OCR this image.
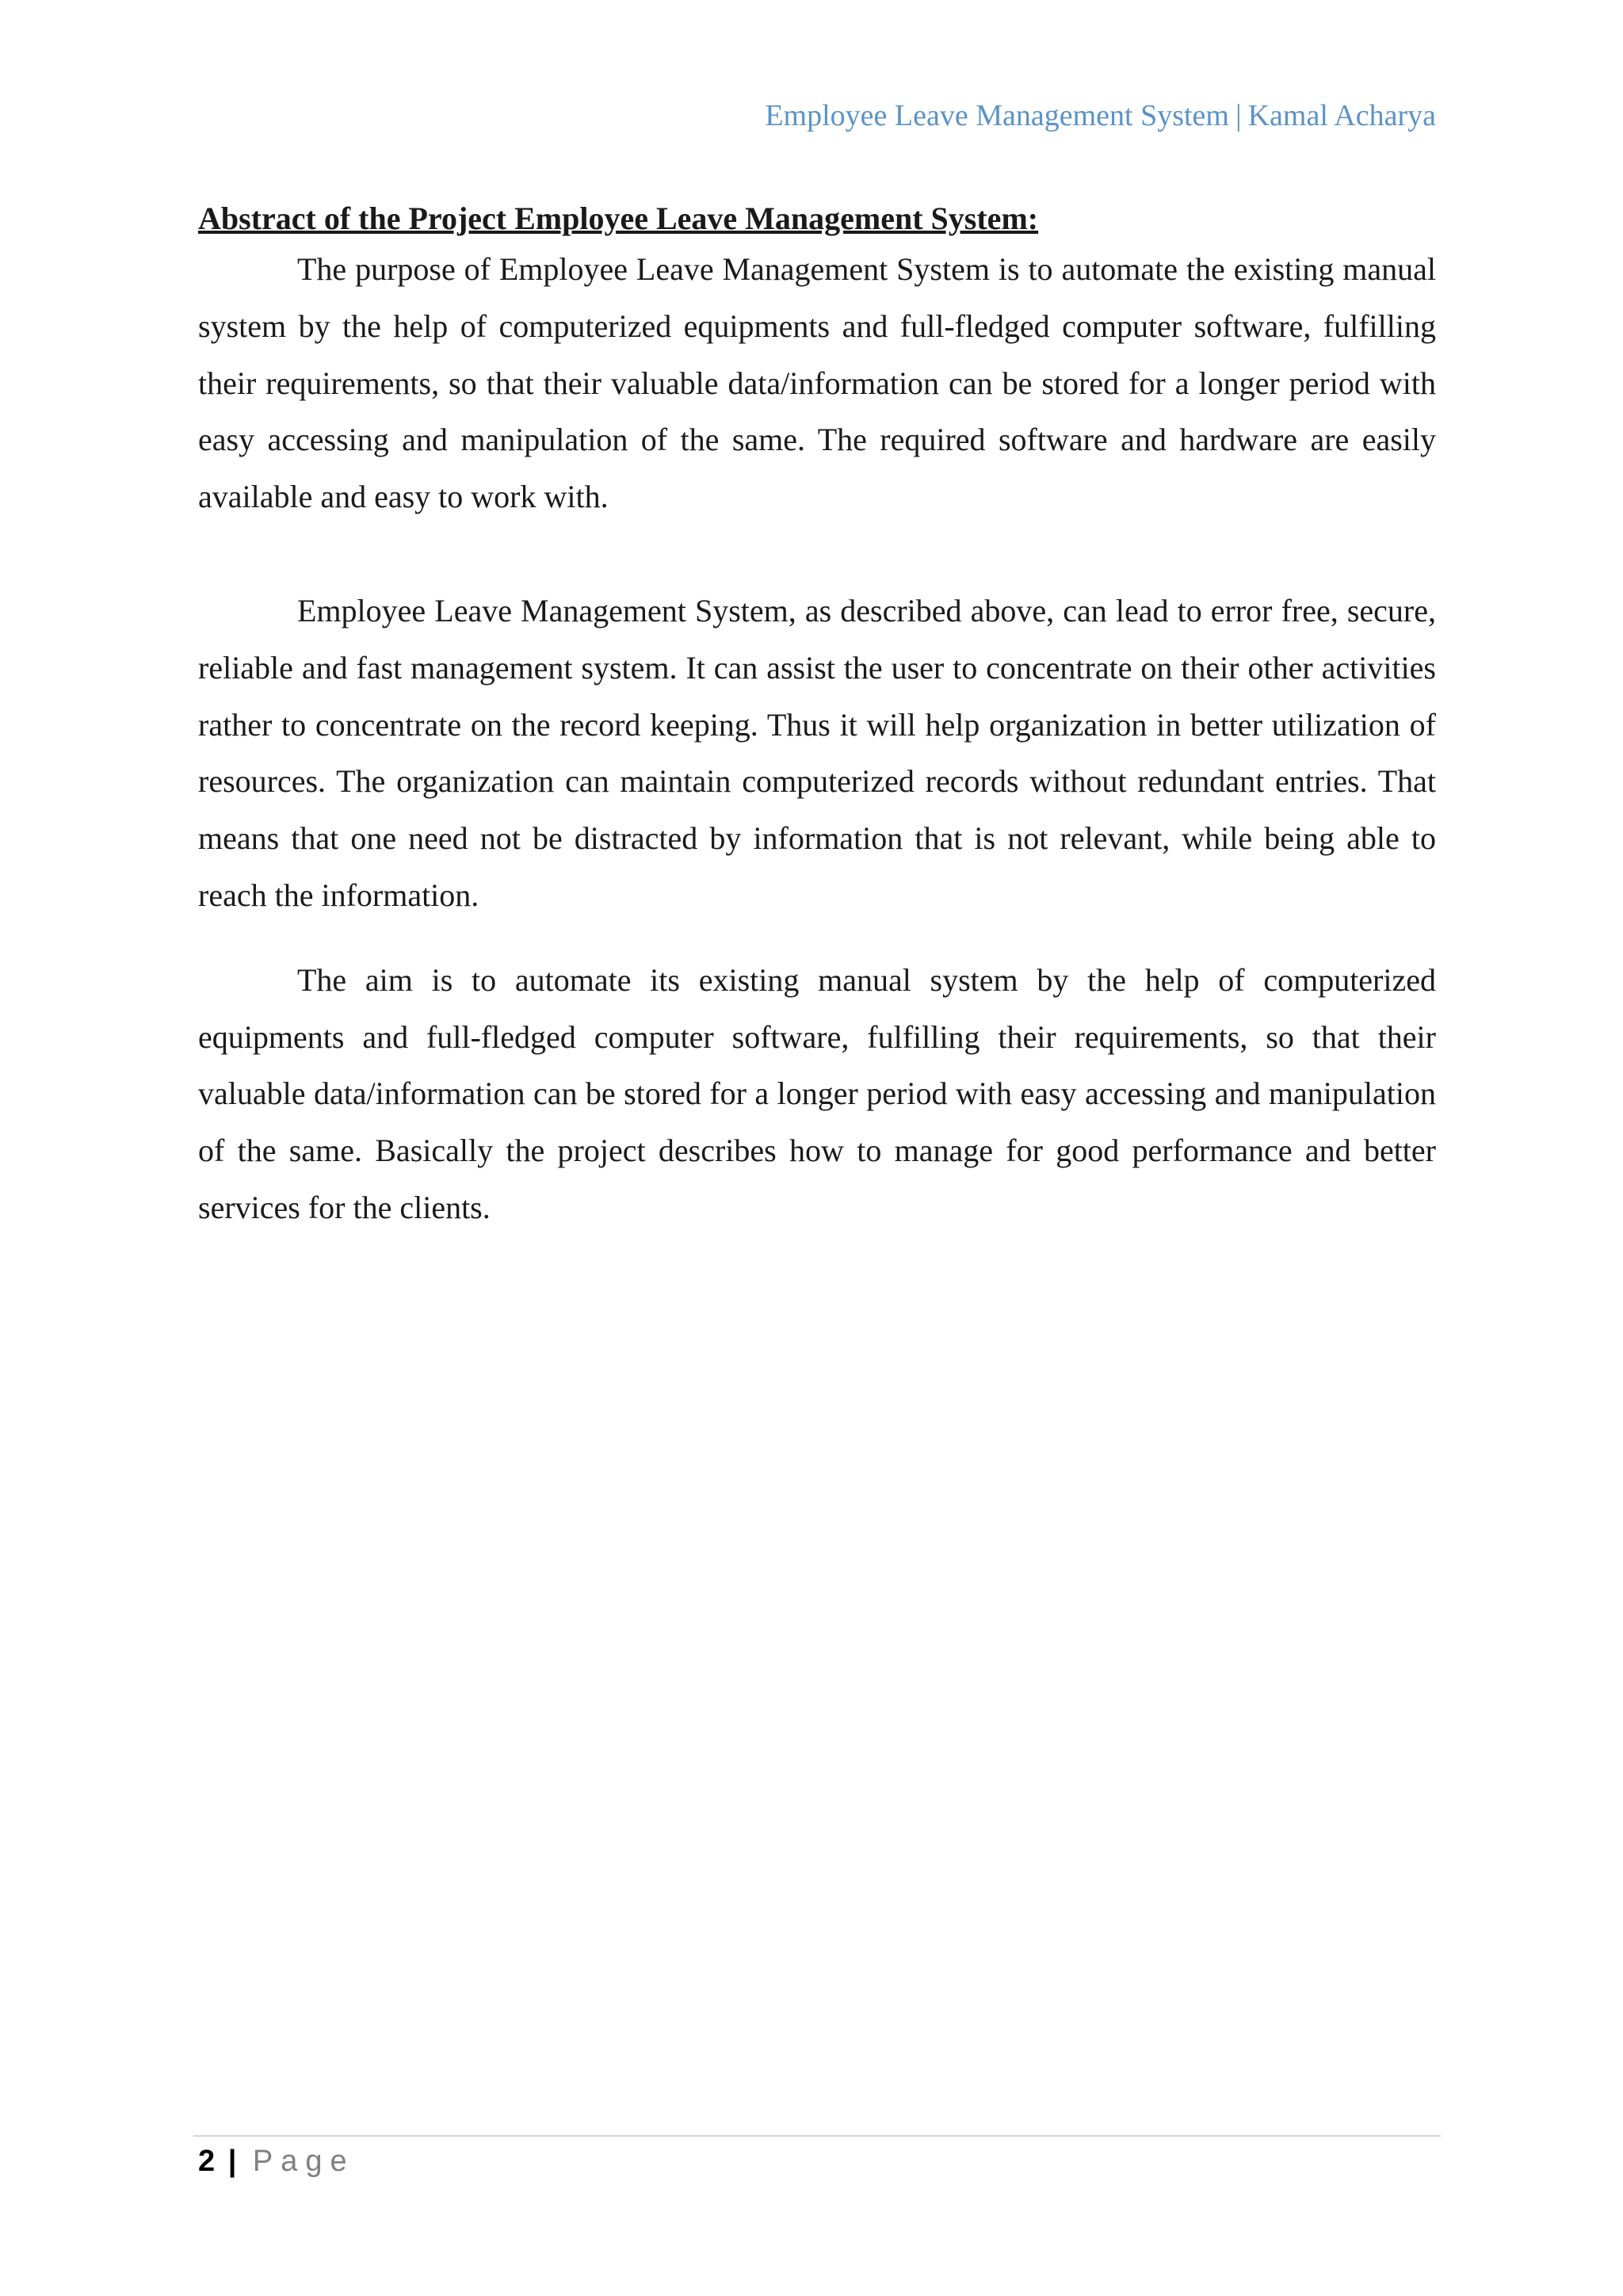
Employee Leave Management System | Kamal Acharya
Abstract of the Project Employee Leave Management System:

The purpose of Employee Leave Management System is to automate the existing manual system by the help of computerized equipments and full-fledged computer software, fulfilling their requirements, so that their valuable data/information can be stored for a longer period with easy accessing and manipulation of the same. The required software and hardware are easily available and easy to work with.

Employee Leave Management System, as described above, can lead to error free, secure, reliable and fast management system. It can assist the user to concentrate on their other activities rather to concentrate on the record keeping. Thus it will help organization in better utilization of resources. The organization can maintain computerized records without redundant entries. That means that one need not be distracted by information that is not relevant, while being able to reach the information.

The aim is to automate its existing manual system by the help of computerized equipments and full-fledged computer software, fulfilling their requirements, so that their valuable data/information can be stored for a longer period with easy accessing and manipulation of the same. Basically the project describes how to manage for good performance and better services for the clients.

2 | Page
